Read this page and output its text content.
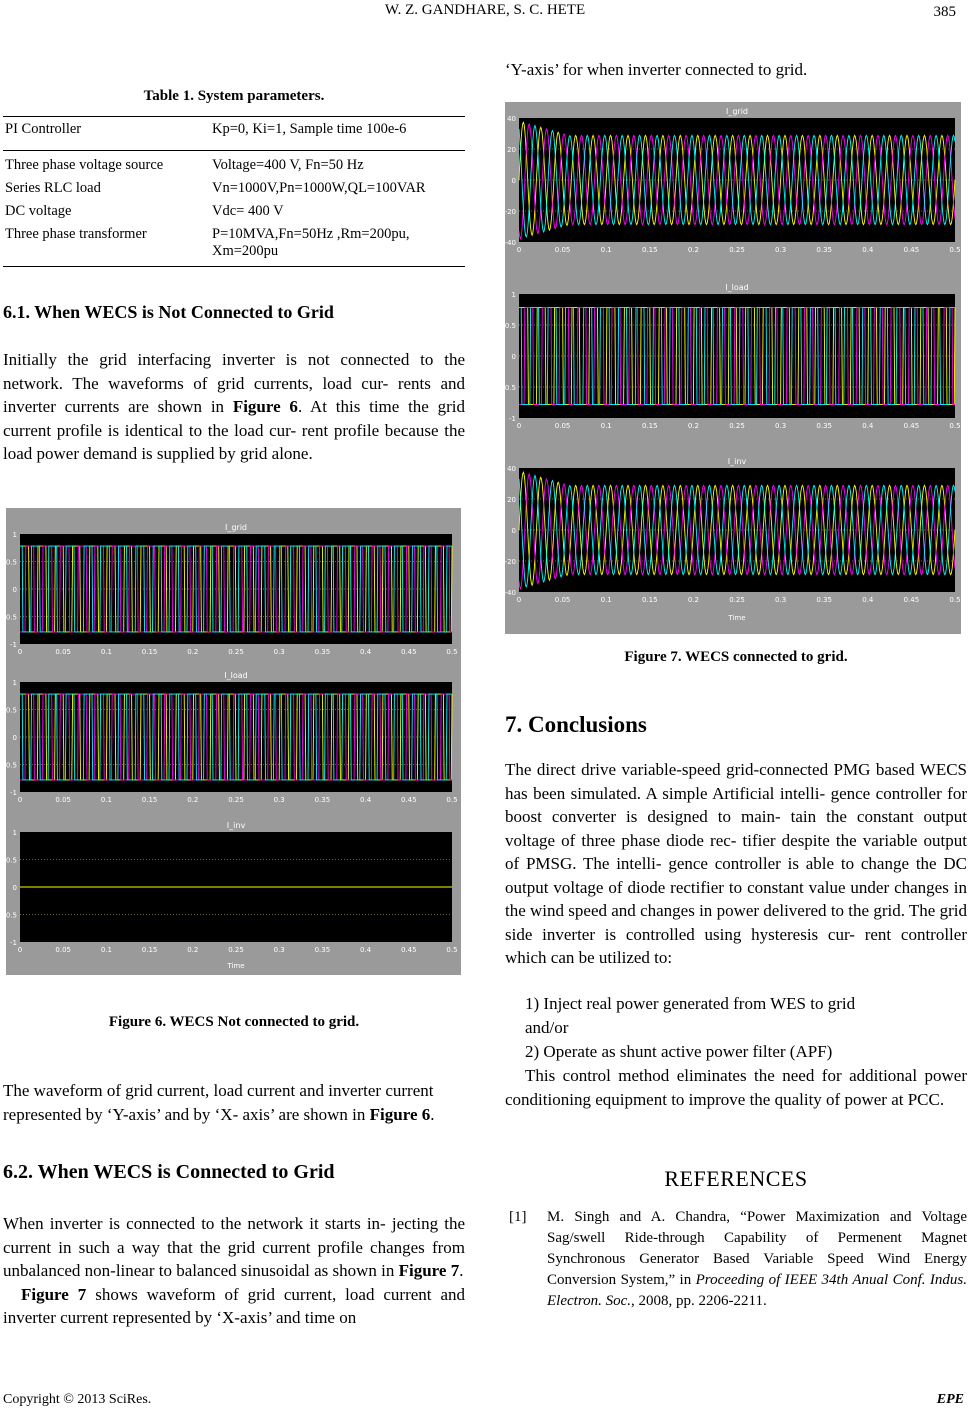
W. Z. GANDHARE, S. C. HETE	385
Table 1. System parameters.
PI Controller	Kp=0, Ki=1, Sample time 100e-6
Three phase voltage source	Voltage=400 V, Fn=50 Hz
Series RLC load	Vn=1000V,Pn=1000W,QL=100VAR
DC voltage	Vdc= 400 V
Three phase transformer	P=10MVA,Fn=50Hz ,Rm=200pu,
Xm=200pu
6.1. When WECS is Not Connected to Grid
Initially the grid interfacing inverter is not connected to the network. The waveforms of grid currents, load cur- rents and inverter currents are shown in Figure 6. At this time the grid current profile is identical to the load cur- rent profile because the load power demand is supplied by grid alone.
I_grid
1
0.5
0
-0.5
-1
0	0.05	0.1	0.15	0.2	0.25	0.3	0.35	0.4	0.45	0.5
I_load
1
0.5
0
-0.5
-1
0	0.05	0.1	0.15	0.2	0.25	0.3	0.35	0.4	0.45	0.5
I_inv
1
0.5
0
-0.5
-1
0	0.05	0.1	0.15	0.2	0.25	0.3	0.35	0.4	0.45	0.5
Time
Figure 6. WECS Not connected to grid.
The waveform of grid current, load current and inverter current represented by ‘Y-axis’ and by ‘X- axis’ are shown in Figure 6.
6.2. When WECS is Connected to Grid
When inverter is connected to the network it starts in- jecting the current in such a way that the grid current profile changes from unbalanced non-linear to balanced sinusoidal as shown in Figure 7.
Figure 7 shows waveform of grid current, load current and inverter current represented by ‘X-axis’ and time on
‘Y-axis’ for when inverter connected to grid.
I_grid
40
20
0
-20
-40
0	0.05	0.1	0.15	0.2	0.25	0.3	0.35	0.4	0.45	0.5
I_load
1
0.5
0
-0.5
-1
0	0.05	0.1	0.15	0.2	0.25	0.3	0.35	0.4	0.45	0.5
I_inv
40
20
0
-20
-40
0	0.05	0.1	0.15	0.2	0.25	0.3	0.35	0.4	0.45	0.5
Time
Figure 7. WECS connected to grid.
7. Conclusions
The direct drive variable-speed grid-connected PMG based WECS has been simulated. A simple Artificial intelli- gence controller for boost converter is designed to main- tain the constant output voltage of three phase diode rec- tifier despite the variable output of PMSG. The intelli- gence controller is able to change the DC output voltage of diode rectifier to constant value under changes in the wind speed and changes in power delivered to the grid. The grid side inverter is controlled using hysteresis cur- rent controller which can be utilized to:
1) Inject real power generated from WES to grid
and/or
2) Operate as shunt active power filter (APF)
This control method eliminates the need for additional power conditioning equipment to improve the quality of power at PCC.
REFERENCES
[1]	M. Singh and A. Chandra, “Power Maximization and Voltage Sag/swell Ride-through Capability of Permenent Magnet Synchronous Generator Based Variable Speed Wind Energy Conversion System,” in Proceeding of IEEE 34th Anual Conf. Indus. Electron. Soc., 2008, pp. 2206-2211.
Copyright © 2013 SciRes.	EPE
